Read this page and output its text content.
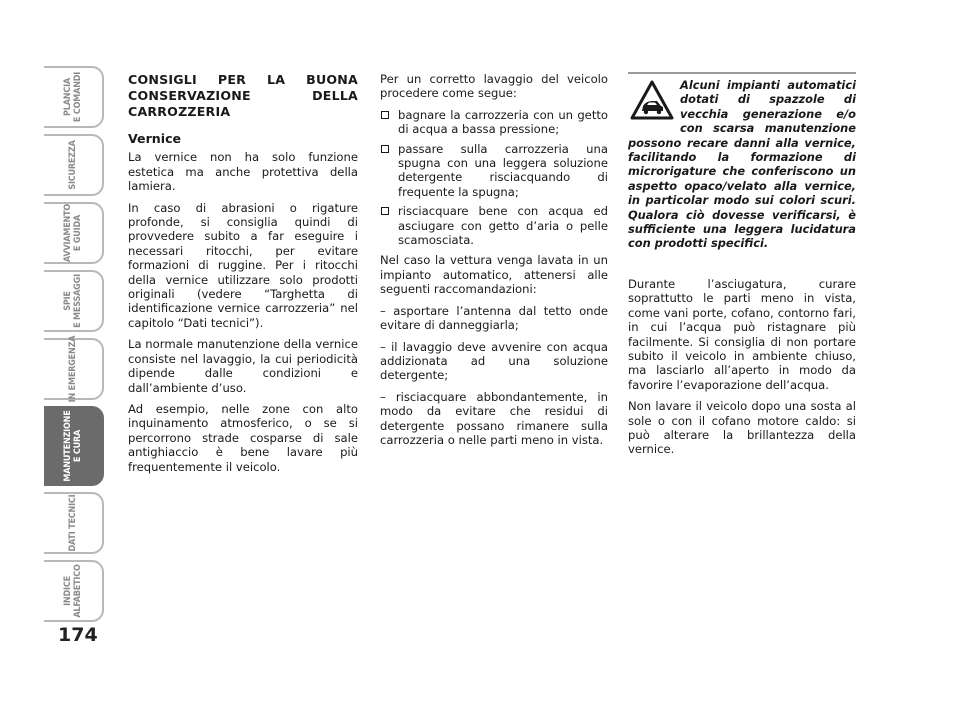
PLANCIA
E COMANDI
SICUREZZA
AVVIAMENTO
E GUIDA
SPIE
E MESSAGGI
IN EMERGENZA
MANUTENZIONE
E CURA
DATI TECNICI
INDICE
ALFABETICO
174
CONSIGLI PER LA BUONA CONSERVAZIONE DELLA CARROZZERIA
Vernice

La vernice non ha solo funzione estetica ma anche protettiva della lamiera.

In caso di abrasioni o rigature profonde, si consiglia quindi di provvedere subito a far eseguire i necessari ritocchi, per evitare formazioni di ruggine. Per i ritocchi della vernice utilizzare solo prodotti originali (vedere “Targhetta di identificazione vernice carrozzeria” nel capitolo “Dati tecnici”).

La normale manutenzione della vernice consiste nel lavaggio, la cui periodicità dipende dalle condizioni e dall’ambiente d’uso.

Ad esempio, nelle zone con alto inquinamento atmosferico, o se si percorrono strade cosparse di sale antighiaccio è bene lavare più frequentemente il veicolo.

Per un corretto lavaggio del veicolo procedere come segue:

bagnare la carrozzeria con un getto di acqua a bassa pressione;
passare sulla carrozzeria una spugna con una leggera soluzione detergente risciacquando di frequente la spugna;
risciacquare bene con acqua ed asciugare con getto d’aria o pelle scamosciata.

Nel caso la vettura venga lavata in un impianto automatico, attenersi alle seguenti raccomandazioni:

– asportare l’antenna dal tetto onde evitare di danneggiarla;

– il lavaggio deve avvenire con acqua addizionata ad una soluzione detergente;

– risciacquare abbondantemente, in modo da evitare che residui di detergente possano rimanere sulla carrozzeria o nelle parti meno in vista.

Alcuni impianti automatici dotati di spazzole di vecchia generazione e/o con scarsa manutenzione possono recare danni alla vernice, facilitando la formazione di microrigature che conferiscono un aspetto opaco/velato alla vernice, in particolar modo sui colori scuri. Qualora ciò dovesse verificarsi, è sufficiente una leggera lucidatura con prodotti specifici.

Durante l’asciugatura, curare soprattutto le parti meno in vista, come vani porte, cofano, contorno fari, in cui l’acqua può ristagnare più facilmente. Si consiglia di non portare subito il veicolo in ambiente chiuso, ma lasciarlo all’aperto in modo da favorire l’evaporazione dell’acqua.

Non lavare il veicolo dopo una sosta al sole o con il cofano motore caldo: si può alterare la brillantezza della vernice.
